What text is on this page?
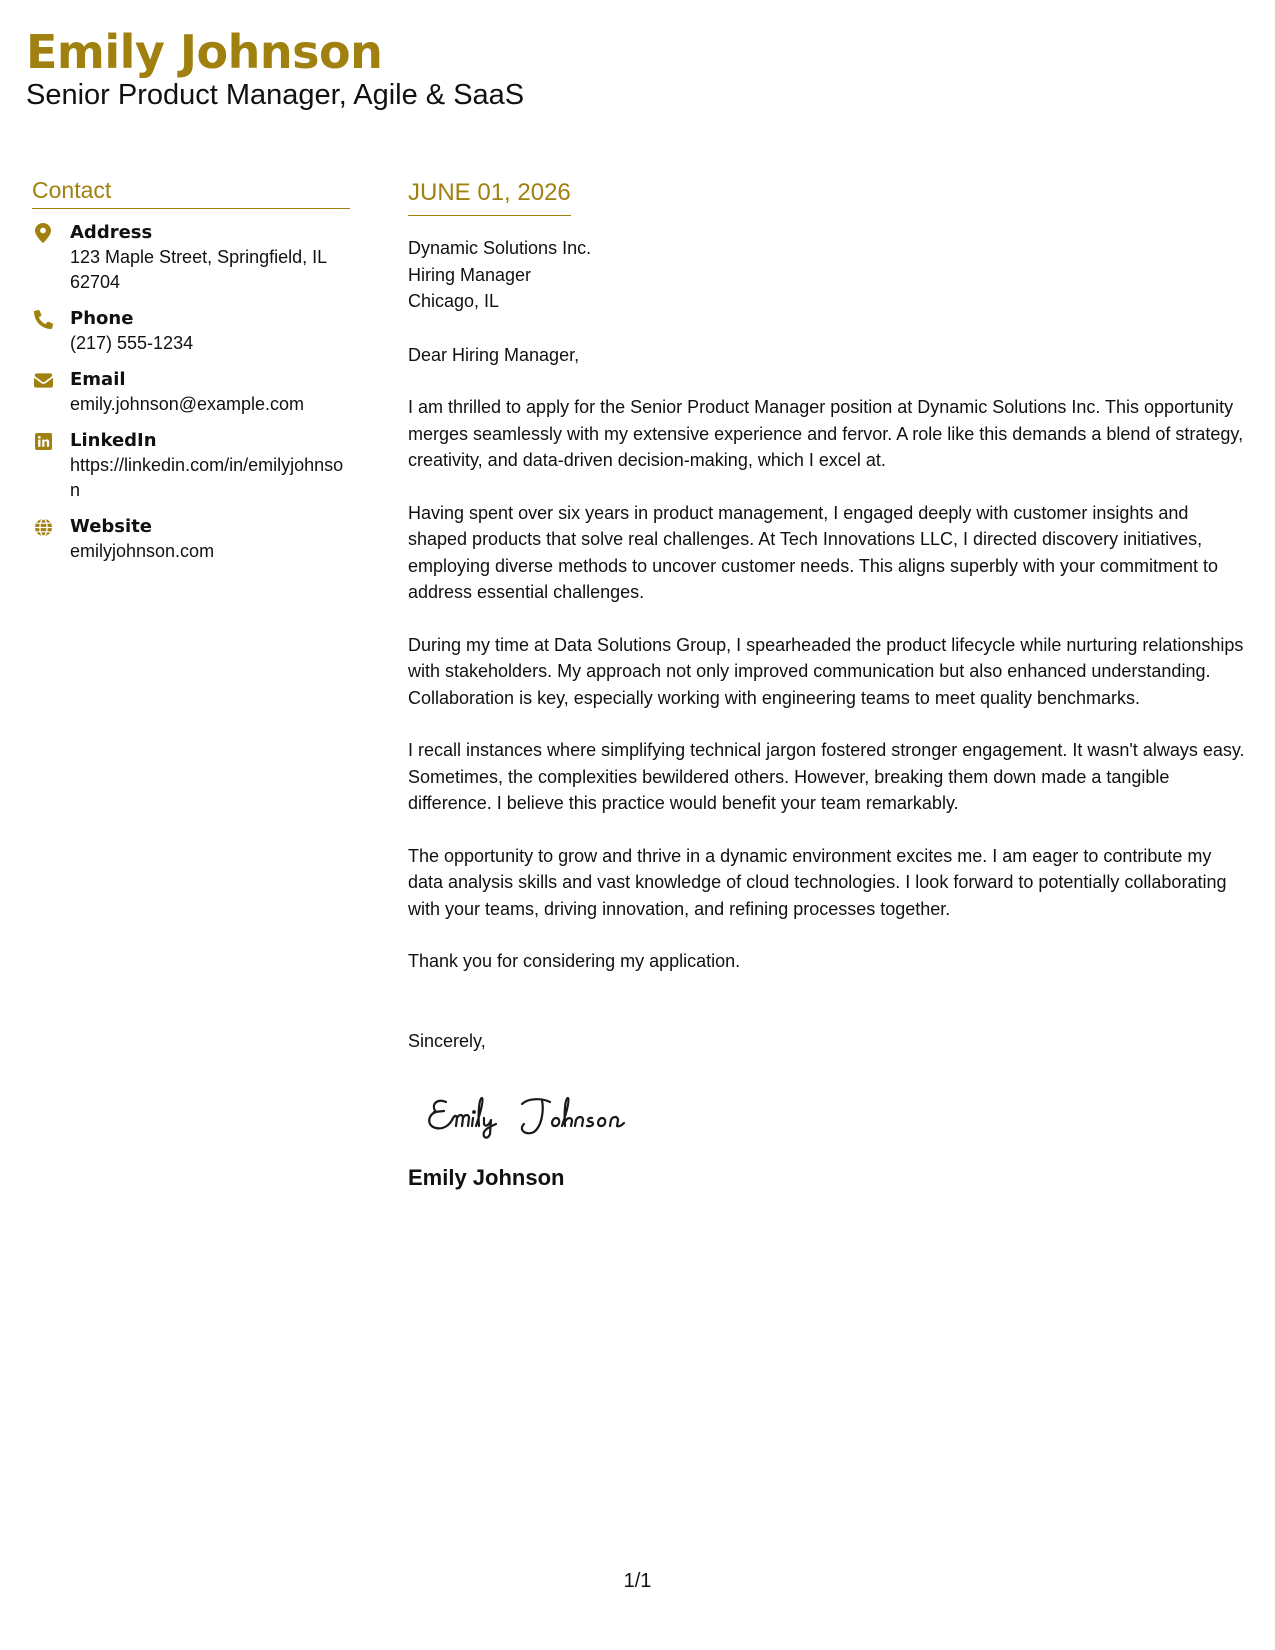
Emily Johnson
Senior Product Manager, Agile & SaaS
Contact
Address
123 Maple Street, Springfield, IL 62704
Phone
(217) 555-1234
Email
emily.johnson@example.com
LinkedIn
https://linkedin.com/in/emilyjohnson
Website
emilyjohnson.com
JUNE 01, 2026
Dynamic Solutions Inc.
Hiring Manager
Chicago, IL

Dear Hiring Manager,

I am thrilled to apply for the Senior Product Manager position at Dynamic Solutions Inc. This opportunity merges seamlessly with my extensive experience and fervor. A role like this demands a blend of strategy, creativity, and data-driven decision-making, which I excel at.

Having spent over six years in product management, I engaged deeply with customer insights and shaped products that solve real challenges. At Tech Innovations LLC, I directed discovery initiatives, employing diverse methods to uncover customer needs. This aligns superbly with your commitment to address essential challenges.

During my time at Data Solutions Group, I spearheaded the product lifecycle while nurturing relationships with stakeholders. My approach not only improved communication but also enhanced understanding. Collaboration is key, especially working with engineering teams to meet quality benchmarks.

I recall instances where simplifying technical jargon fostered stronger engagement. It wasn't always easy. Sometimes, the complexities bewildered others. However, breaking them down made a tangible difference. I believe this practice would benefit your team remarkably.

The opportunity to grow and thrive in a dynamic environment excites me. I am eager to contribute my data analysis skills and vast knowledge of cloud technologies. I look forward to potentially collaborating with your teams, driving innovation, and refining processes together.

Thank you for considering my application.

Sincerely,

Emily Johnson
1/1
